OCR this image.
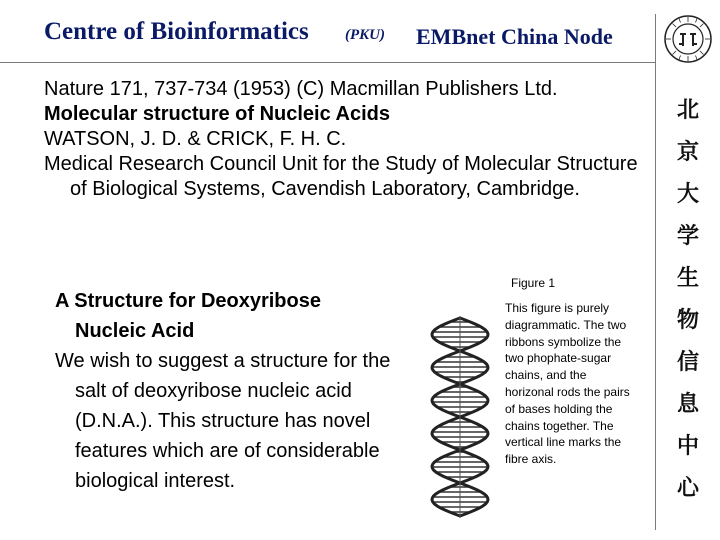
Centre of Bioinformatics (PKU) EMBnet China Node

Nature 171, 737-734 (1953) (C) Macmillan Publishers Ltd.

Molecular structure of Nucleic Acids

WATSON, J. D. & CRICK, F. H. C.

Medical Research Council Unit for the Study of Molecular Structure of Biological Systems, Cavendish Laboratory, Cambridge.

Figure 1

A Structure for Deoxyribose Nucleic Acid

We wish to suggest a structure for the salt of deoxyribose nucleic acid (D.N.A.). This structure has novel features which are of considerable biological interest.

This figure is purely diagrammatic. The two ribbons symbolize the two phophate-sugar chains, and the horizonal rods the pairs of bases holding the chains together. The vertical line marks the fibre axis.

北
京
大
学
生
物
信
息
中
心
